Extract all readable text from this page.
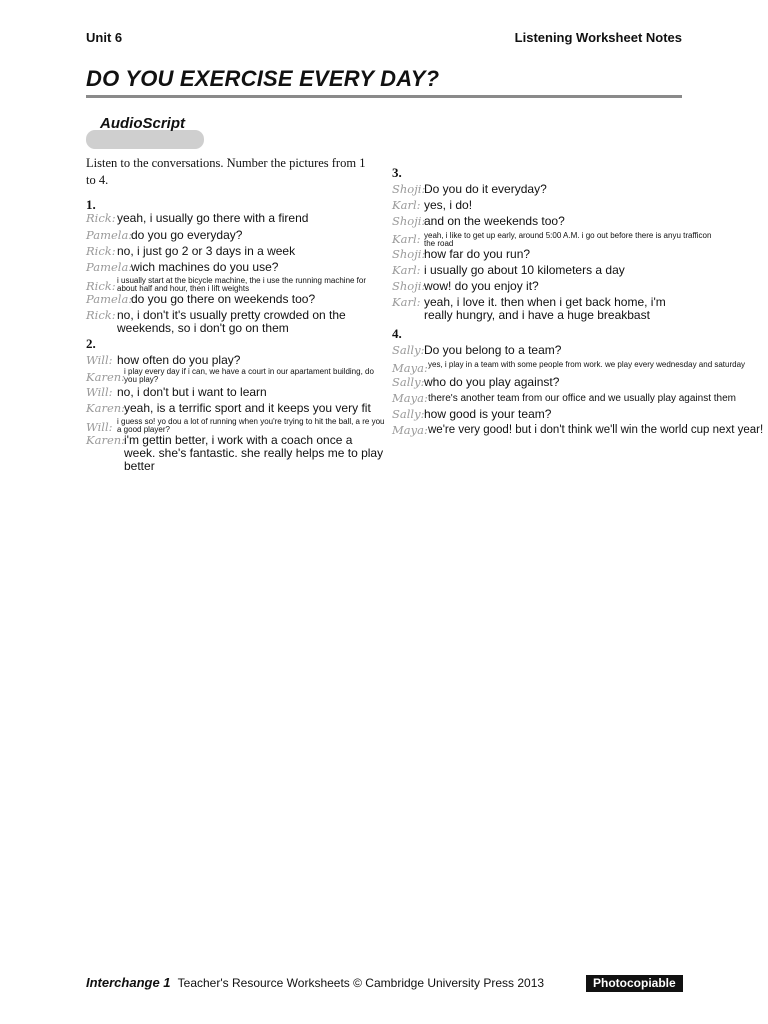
Unit 6	Listening Worksheet Notes
DO YOU EXERCISE EVERY DAY?
AudioScript
Listen to the conversations. Number the pictures from 1 to 4.
1.
Rick: yeah, i usually go there with a firend
Pamela:
do you go everyday?
Rick: no, i just go 2 or 3 days in a week
Pamela:
wich machines do you use?
Rick: i usually start at the bicycle machine, the i use the running machine for about half and hour, then i lift weights
Pamela:
do you go there on weekends too?
Rick: no, i don't it's usually pretty crowded on the weekends, so i don't go on them
2.
Will: how often do you play?
Karen:
i play every day if i can, we have a court in our apartament building, do you play?
Will: no, i don't but i want to learn
Karen:
yeah, is a terrific sport and it keeps you very fit
Will: i guess so! yo dou a lot of running when you're trying to hit the ball, a re you a good player?
Karen:
i'm gettin better, i work with a coach once a week. she's fantastic. she really helps me to play better
3.
Shoji:
Do you do it everyday?
Karl: yes, i do!
Shoji:
and on the weekends too?
Karl: yeah, i like to get up early, around 5:00 A.M. i go out before there is anyu trafficon the road
Shoji:
how far do you run?
Karl: i usually go about 10 kilometers a day
Shoji:
wow! do you enjoy it?
Karl: yeah, i love it. then when i get back home, i'm really hungry, and i have a huge breakbast
4.
Sally: Do you belong to a team?
Maya: yes, i play in a team with some people from work. we play every wednesday and saturday
Sally: who do you play against?
Maya: there's another team from our office and we usually play against them
Sally: how good is your team?
Maya: we're very good! but i don't think we'll win the world cup next year!
Interchange 1 Teacher's Resource Worksheets © Cambridge University Press 2013	Photocopiable
